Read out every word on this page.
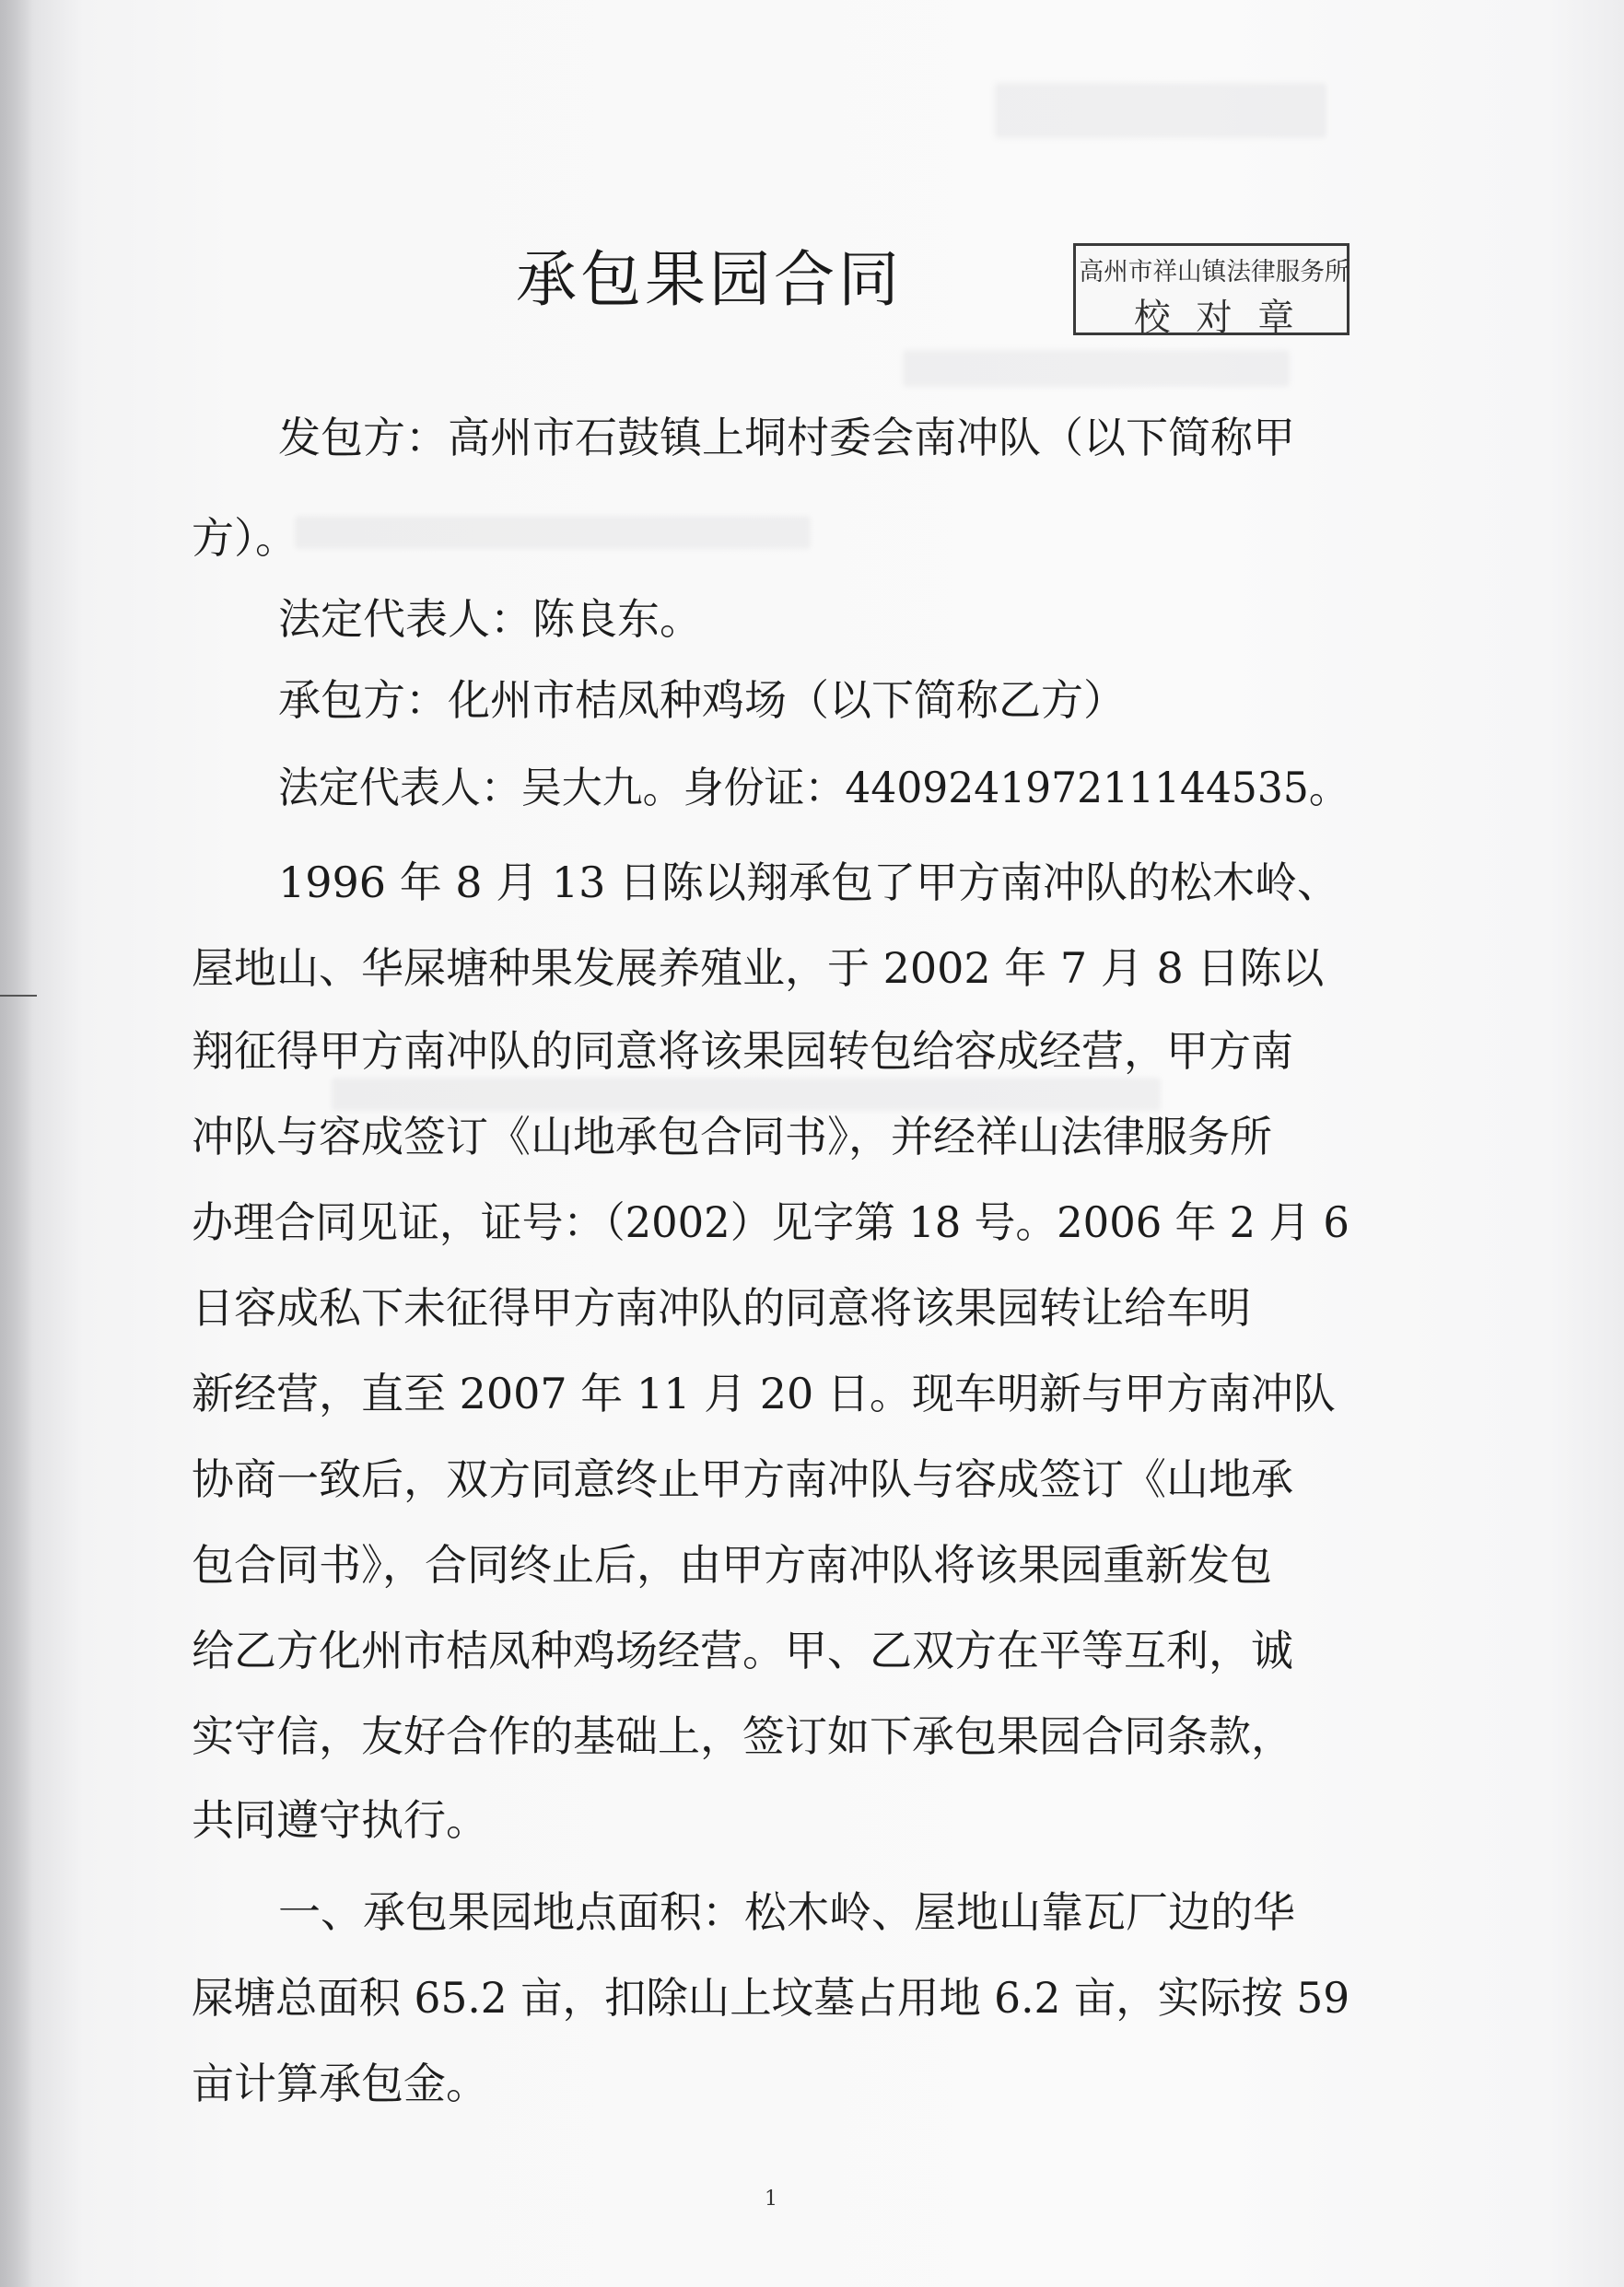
承包果园合同	高州市祥山镇法律服务所
校对章
发包方：高州市石鼓镇上垌村委会南冲队（以下简称甲
方）。
法定代表人：陈良东。
承包方：化州市桔凤种鸡场（以下简称乙方）
法定代表人：吴大九。身份证：440924197211144535。
1996 年 8 月 13 日陈以翔承包了甲方南冲队的松木岭、
屋地山、华屎塘种果发展养殖业，于 2002 年 7 月 8 日陈以
翔征得甲方南冲队的同意将该果园转包给容成经营，甲方南
冲队与容成签订《山地承包合同书》，并经祥山法律服务所
办理合同见证，证号：（2002）见字第 18 号。2006 年 2 月 6
日容成私下未征得甲方南冲队的同意将该果园转让给车明
新经营，直至 2007 年 11 月 20 日。现车明新与甲方南冲队
协商一致后，双方同意终止甲方南冲队与容成签订《山地承
包合同书》，合同终止后，由甲方南冲队将该果园重新发包
给乙方化州市桔凤种鸡场经营。甲、乙双方在平等互利，诚
实守信，友好合作的基础上，签订如下承包果园合同条款，
共同遵守执行。
一、承包果园地点面积：松木岭、屋地山靠瓦厂边的华
屎塘总面积 65.2 亩，扣除山上坟墓占用地 6.2 亩，实际按 59
亩计算承包金。
1
